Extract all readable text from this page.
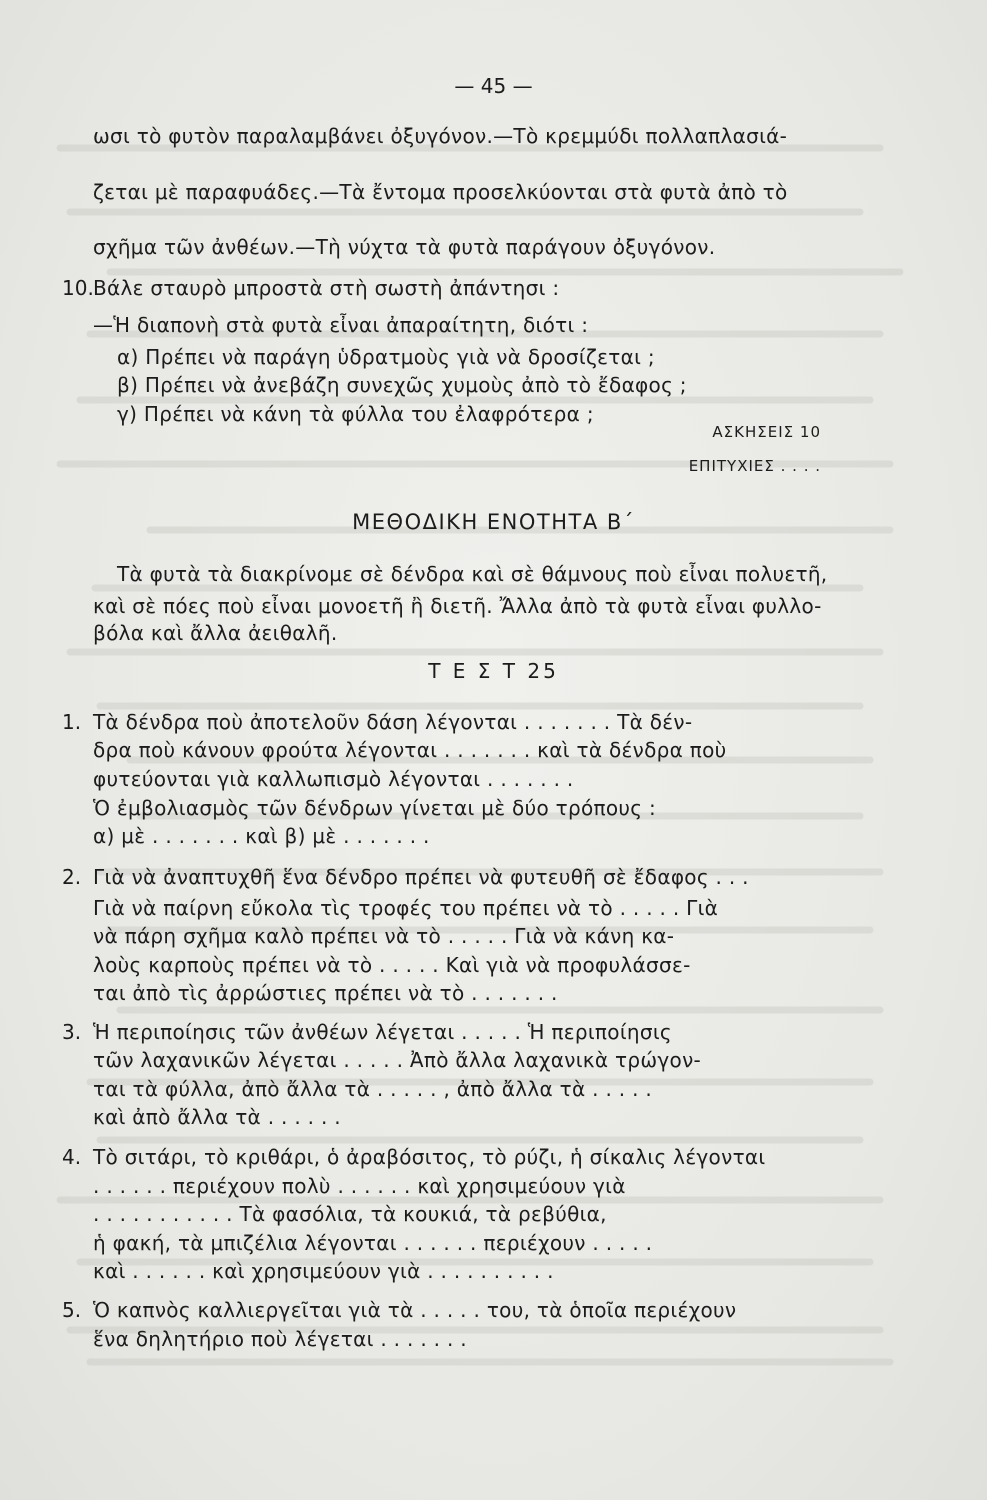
— 45 —

ωσι τὸ φυτὸν παραλαμβάνει ὀξυγόνον.—Τὸ κρεμμύδι πολλαπλασιά-

ζεται μὲ παραφυάδες.—Τὰ ἔντομα προσελκύονται στὰ φυτὰ ἀπὸ τὸ

σχῆμα τῶν ἀνθέων.—Τὴ νύχτα τὰ φυτὰ παράγουν ὀξυγόνον.

10. Βάλε σταυρὸ μπροστὰ στὴ σωστὴ ἀπάντησι :

—Ἡ διαπονὴ στὰ φυτὰ εἶναι ἀπαραίτητη, διότι :

α) Πρέπει νὰ παράγη ὑδρατμοὺς γιὰ νὰ δροσίζεται ;

β) Πρέπει νὰ ἀνεβάζη συνεχῶς χυμοὺς ἀπὸ τὸ ἔδαφος ;

γ) Πρέπει νὰ κάνη τὰ φύλλα του ἐλαφρότερα ;

ΑΣΚΗΣΕΙΣ 10
ΕΠΙΤΥΧΙΕΣ . . . .
ΜΕΘΟΔΙΚΗ ΕΝΟΤΗΤΑ Β΄

Τὰ φυτὰ τὰ διακρίνομε σὲ δένδρα καὶ σὲ θάμνους ποὺ εἶναι πολυετῆ,

καὶ σὲ πόες ποὺ εἶναι μονοετῆ ἢ διετῆ. Ἄλλα ἀπὸ τὰ φυτὰ εἶναι φυλλο-

βόλα καὶ ἄλλα ἀειθαλῆ.

Τ Ε Σ Τ 25
1. Τὰ δένδρα ποὺ ἀποτελοῦν δάση λέγονται . . . . . . . Τὰ δέν-

δρα ποὺ κάνουν φρούτα λέγονται . . . . . . . καὶ τὰ δένδρα ποὺ

φυτεύονται γιὰ καλλωπισμὸ λέγονται . . . . . . .

Ὁ ἐμβολιασμὸς τῶν δένδρων γίνεται μὲ δύο τρόπους :

α) μὲ . . . . . . . καὶ β) μὲ . . . . . . .

2. Γιὰ νὰ ἀναπτυχθῆ ἕνα δένδρο πρέπει νὰ φυτευθῆ σὲ ἔδαφος . . .

Γιὰ νὰ παίρνη εὔκολα τὶς τροφές του πρέπει νὰ τὸ . . . . . Γιὰ

νὰ πάρη σχῆμα καλὸ πρέπει νὰ τὸ . . . . . Γιὰ νὰ κάνη κα-

λοὺς καρποὺς πρέπει νὰ τὸ . . . . . Καὶ γιὰ νὰ προφυλάσσε-

ται ἀπὸ τὶς ἀρρώστιες πρέπει νὰ τὸ . . . . . . .

3. Ἡ περιποίησις τῶν ἀνθέων λέγεται . . . . . Ἡ περιποίησις

τῶν λαχανικῶν λέγεται . . . . . Ἀπὸ ἄλλα λαχανικὰ τρώγον-

ται τὰ φύλλα, ἀπὸ ἄλλα τὰ . . . . . , ἀπὸ ἄλλα τὰ . . . . .

καὶ ἀπὸ ἄλλα τὰ . . . . . .

4. Τὸ σιτάρι, τὸ κριθάρι, ὁ ἀραβόσιτος, τὸ ρύζι, ἡ σίκαλις λέγονται

. . . . . . περιέχουν πολὺ . . . . . . καὶ χρησιμεύουν γιὰ

. . . . . . . . . . . Τὰ φασόλια, τὰ κουκιά, τὰ ρεβύθια,

ἡ φακή, τὰ μπιζέλια λέγονται . . . . . . περιέχουν . . . . .

καὶ . . . . . . καὶ χρησιμεύουν γιὰ . . . . . . . . . .

5. Ὁ καπνὸς καλλιεργεῖται γιὰ τὰ . . . . . του, τὰ ὁποῖα περιέχουν

ἕνα δηλητήριο ποὺ λέγεται . . . . . . .
